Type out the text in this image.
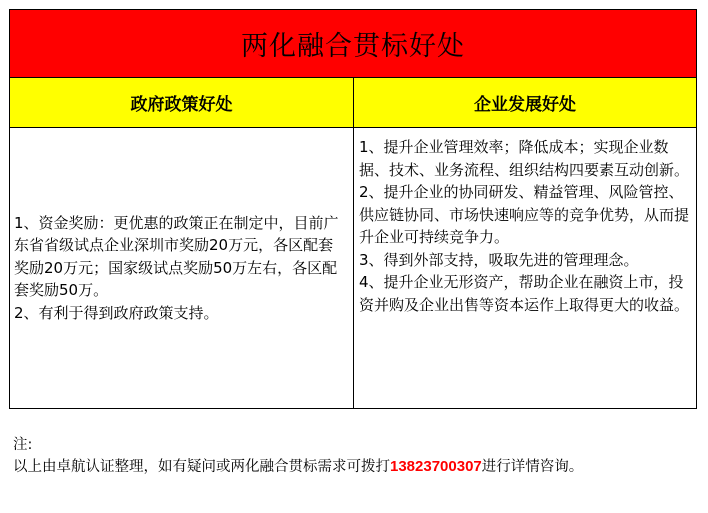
两化融合贯标好处
政府政策好处	企业发展好处

1、资金奖励：更优惠的政策正在制定中，目前广东省省级试点企业深圳市奖励20万元，各区配套奖励20万元；国家级试点奖励50万左右，各区配套奖励50万。

2、有利于得到政府政策支持。

1、提升企业管理效率；降低成本；实现企业数据、技术、业务流程、组织结构四要素互动创新。

2、提升企业的协同研发、精益管理、风险管控、供应链协同、市场快速响应等的竞争优势，从而提升企业可持续竞争力。

3、得到外部支持，吸取先进的管理理念。

4、提升企业无形资产，帮助企业在融资上市，投资并购及企业出售等资本运作上取得更大的收益。

注:
以上由卓航认证整理，如有疑问或两化融合贯标需求可拨打13823700307进行详情咨询。
